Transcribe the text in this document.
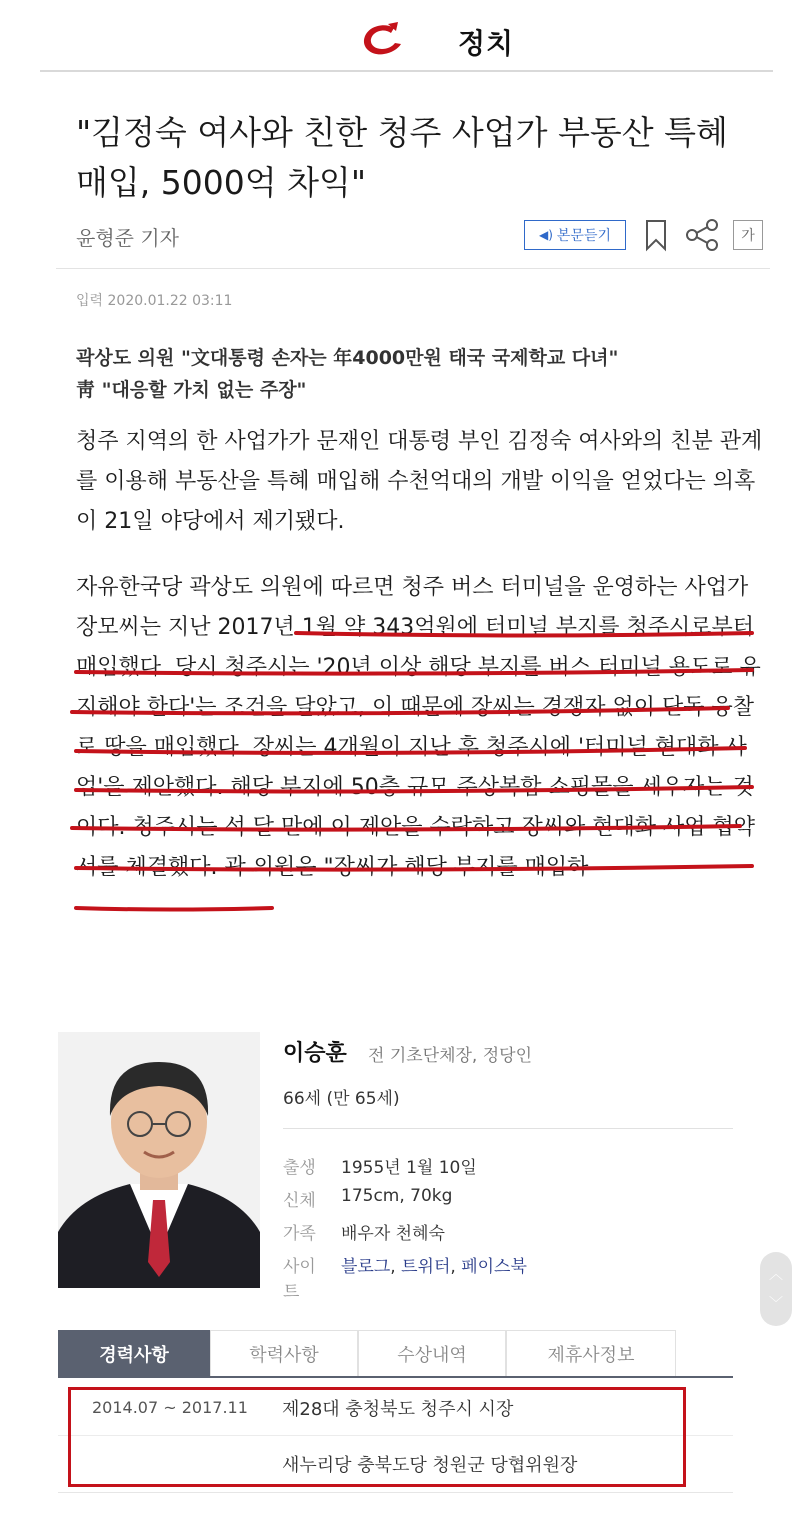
정치
"김정숙 여사와 친한 청주 사업가 부동산 특혜 매입, 5000억 차익"
윤형준 기자	◀) 본문듣기	가
입력 2020.01.22 03:11
곽상도 의원 "文대통령 손자는 年4000만원 태국 국제학교 다녀"
靑 "대응할 가치 없는 주장"

청주 지역의 한 사업가가 문재인 대통령 부인 김정숙 여사와의 친분 관계를 이용해 부동산을 특혜 매입해 수천억대의 개발 이익을 얻었다는 의혹이 21일 야당에서 제기됐다.

자유한국당 곽상도 의원에 따르면 청주 버스 터미널을 운영하는 사업가 장모씨는 지난 2017년 1월 약 343억원에 터미널 부지를 청주시로부터 매입했다. 당시 청주시는 '20년 이상 해당 부지를 버스 터미널 용도로 유지해야 한다'는 조건을 달았고, 이 때문에 장씨는 경쟁자 없이 단독 응찰로 땅을 매입했다. 장씨는 4개월이 지난 후 청주시에 '터미널 현대화 사업'을 제안했다. 해당 부지에 50층 규모 주상복합 쇼핑몰을 세우자는 것이다. 청주시는 석 달 만에 이 제안을 수락하고 장씨와 현대화 사업 협약서를 체결했다. 곽 의원은 "장씨가 해당 부지를 매입하

이승훈 전 기초단체장, 정당인
66세 (만 65세)
출생	1955년 1월 10일
신체	175cm, 70kg
가족	배우자 천혜숙
사이트
블로그, 트위터, 페이스북	︿
﹀
경력사항	학력사항	수상내역	제휴사정보
2014.07 ~ 2017.11	제28대 충청북도 청주시 시장
새누리당 충북도당 청원군 당협위원장
